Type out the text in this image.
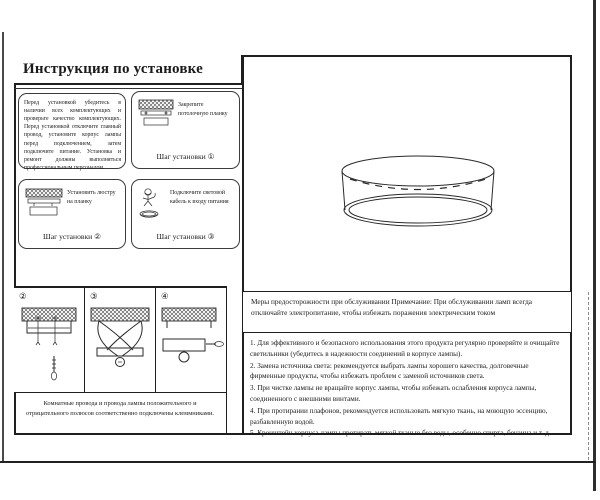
Инструкция по установке
Перед установкой убедитесь в наличии всех комплектующих и проверьте качество комплектующих. Перед установкой отключите главный провод, установите корпус лампы перед подключением, затем подключите питание. Установка и ремонт должны выполняться профессиональным персоналом.
Закрепите потолочную планку
Шаг установки ①
Установить люстру на планку
Шаг установки ②
Подключите световой кабель к входу питания
Шаг установки ③
②	③	④
Комнатные провода и провода лампы положительного и отрицательного полюсов соответственно подключены клеммниками.
Меры предосторожности при обслуживании Примечание: При обслуживании ламп всегда отключайте электропитание, чтобы избежать поражения электрическим током
1. Для эффективного и безопасного использования этого продукта регулярно проверяйте и очищайте светильники (убедитесь в надежности соединений в корпусе лампы).
2. Замена источника света: рекомендуется выбрать лампы хорошего качества, долговечные фирменные продукты, чтобы избежать проблем с заменой источников света.
3. При чистке лампы не вращайте корпус лампы, чтобы избежать ослабления корпуса лампы, соединенного с внешними винтами.
4. При протирании плафонов, рекомендуется использовать мягкую ткань, на моющую эссенцию, разбавленную водой.
5. Кронштейн корпуса лампы протирать мягкой тканью без воды, особенно спирта, бензина и т. д.
